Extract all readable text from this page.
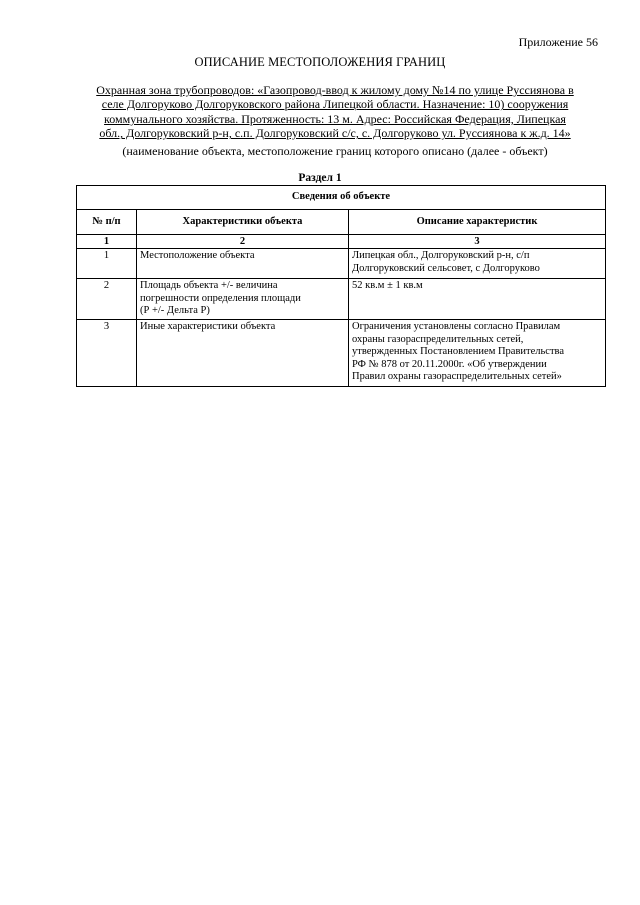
Приложение 56
ОПИСАНИЕ МЕСТОПОЛОЖЕНИЯ ГРАНИЦ
Охранная зона трубопроводов: «Газопровод-ввод к жилому дому №14 по улице Руссиянова в
селе Долгоруково Долгоруковского района Липецкой области. Назначение: 10) сооружения
коммунального хозяйства. Протяженность: 13 м. Адрес: Российская Федерация, Липецкая
обл., Долгоруковский р-н, с.п. Долгоруковский с/с, с. Долгоруково ул. Руссиянова к ж.д. 14»
(наименование объекта, местоположение границ которого описано (далее - объект)
Раздел 1
Сведения об объекте		
№ п/п	Характеристики объекта	Описание характеристик
1	2	3
1	Местоположение объекта	Липецкая обл., Долгоруковский р-н, с/п
Долгоруковский сельсовет, с Долгоруково

2	Площадь объекта +/- величина
погрешности определения площади
(Р +/- Дельта Р)	52 кв.м ± 1 кв.м

3	Иные характеристики объекта	Ограничения установлены согласно Правилам
охраны газораспределительных сетей,
утвержденных Постановлением Правительства
РФ № 878 от 20.11.2000г. «Об утверждении
Правил охраны газораспределительных сетей»
